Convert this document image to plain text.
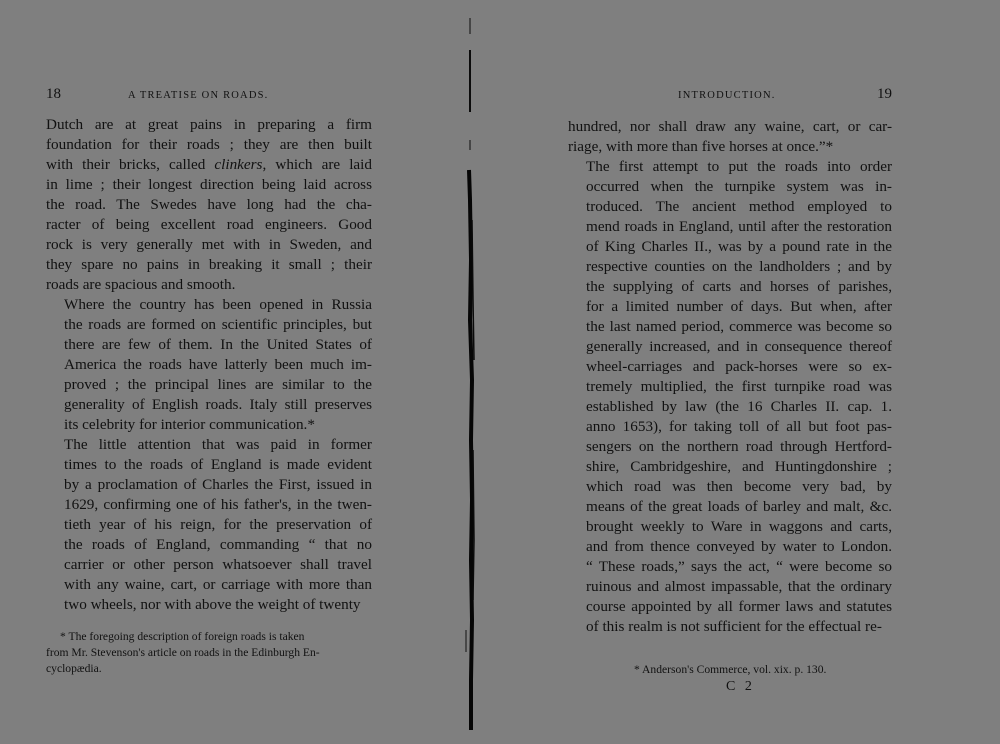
18	A TREATISE ON ROADS.
Dutch are at great pains in preparing a firm
foundation for their roads ; they are then built
with their bricks, called clinkers, which are laid
in lime ; their longest direction being laid across
the road. The Swedes have long had the cha-
racter of being excellent road engineers. Good
rock is very generally met with in Sweden, and
they spare no pains in breaking it small ; their
roads are spacious and smooth.
Where the country has been opened in Russia
the roads are formed on scientific principles, but
there are few of them. In the United States of
America the roads have latterly been much im-
proved ; the principal lines are similar to the
generality of English roads. Italy still preserves
its celebrity for interior communication.*
The little attention that was paid in former
times to the roads of England is made evident
by a proclamation of Charles the First, issued in
1629, confirming one of his father's, in the twen-
tieth year of his reign, for the preservation of
the roads of England, commanding “ that no
carrier or other person whatsoever shall travel
with any waine, cart, or carriage with more than
two wheels, nor with above the weight of twenty
* The foregoing description of foreign roads is taken
from Mr. Stevenson's article on roads in the Edinburgh En-
cyclopædia.
INTRODUCTION.	19
hundred, nor shall draw any waine, cart, or car-
riage, with more than five horses at once.”*
The first attempt to put the roads into order
occurred when the turnpike system was in-
troduced. The ancient method employed to
mend roads in England, until after the restoration
of King Charles II., was by a pound rate in the
respective counties on the landholders ; and by
the supplying of carts and horses of parishes,
for a limited number of days. But when, after
the last named period, commerce was become so
generally increased, and in consequence thereof
wheel-carriages and pack-horses were so ex-
tremely multiplied, the first turnpike road was
established by law (the 16 Charles II. cap. 1.
anno 1653), for taking toll of all but foot pas-
sengers on the northern road through Hertford-
shire, Cambridgeshire, and Huntingdonshire ;
which road was then become very bad, by
means of the great loads of barley and malt, &c.
brought weekly to Ware in waggons and carts,
and from thence conveyed by water to London.
“ These roads,” says the act, “ were become so
ruinous and almost impassable, that the ordinary
course appointed by all former laws and statutes
of this realm is not sufficient for the effectual re-
* Anderson's Commerce, vol. xix. p. 130.
C 2
